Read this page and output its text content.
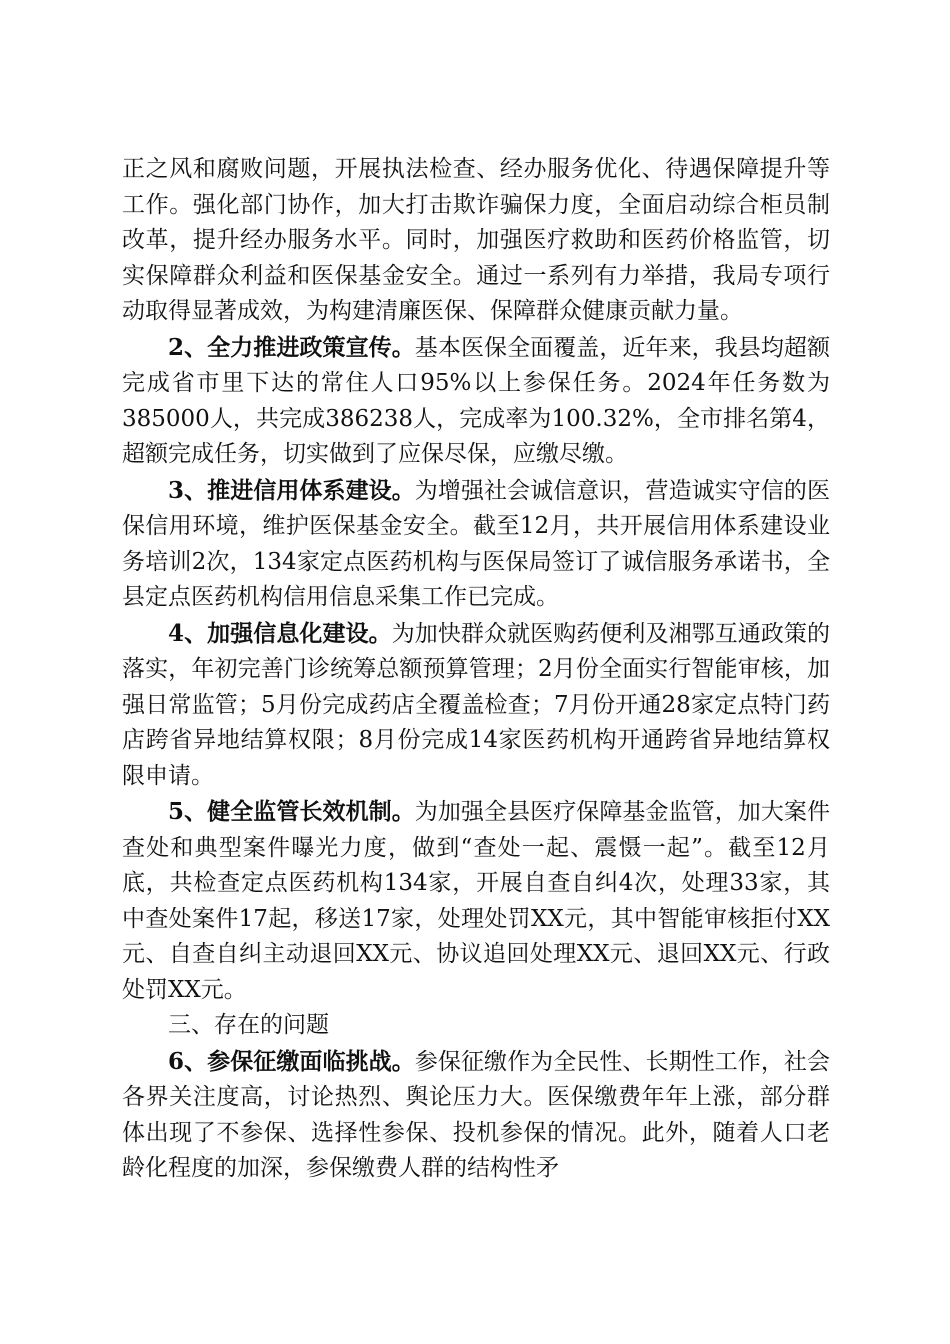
正之风和腐败问题，开展执法检查、经办服务优化、待遇保障提升等工作。强化部门协作，加大打击欺诈骗保力度，全面启动综合柜员制改革，提升经办服务水平。同时，加强医疗救助和医药价格监管，切实保障群众利益和医保基金安全。通过一系列有力举措，我局专项行动取得显著成效，为构建清廉医保、保障群众健康贡献力量。

2、全力推进政策宣传。基本医保全面覆盖，近年来，我县均超额完成省市里下达的常住人口95%以上参保任务。2024年任务数为385000人，共完成386238人，完成率为100.32%，全市排名第4，超额完成任务，切实做到了应保尽保，应缴尽缴。

3、推进信用体系建设。为增强社会诚信意识，营造诚实守信的医保信用环境，维护医保基金安全。截至12月，共开展信用体系建设业务培训2次，134家定点医药机构与医保局签订了诚信服务承诺书，全县定点医药机构信用信息采集工作已完成。

4、加强信息化建设。为加快群众就医购药便利及湘鄂互通政策的落实，年初完善门诊统筹总额预算管理；2月份全面实行智能审核，加强日常监管；5月份完成药店全覆盖检查；7月份开通28家定点特门药店跨省异地结算权限；8月份完成14家医药机构开通跨省异地结算权限申请。

5、健全监管长效机制。为加强全县医疗保障基金监管，加大案件查处和典型案件曝光力度，做到“查处一起、震慑一起”。截至12月底，共检查定点医药机构134家，开展自查自纠4次，处理33家，其中查处案件17起，移送17家，处理处罚XX元，其中智能审核拒付XX元、自查自纠主动退回XX元、协议追回处理XX元、退回XX元、行政处罚XX元。

三、存在的问题

6、参保征缴面临挑战。参保征缴作为全民性、长期性工作，社会各界关注度高，讨论热烈、舆论压力大。医保缴费年年上涨，部分群体出现了不参保、选择性参保、投机参保的情况。此外，随着人口老龄化程度的加深，参保缴费人群的结构性矛
